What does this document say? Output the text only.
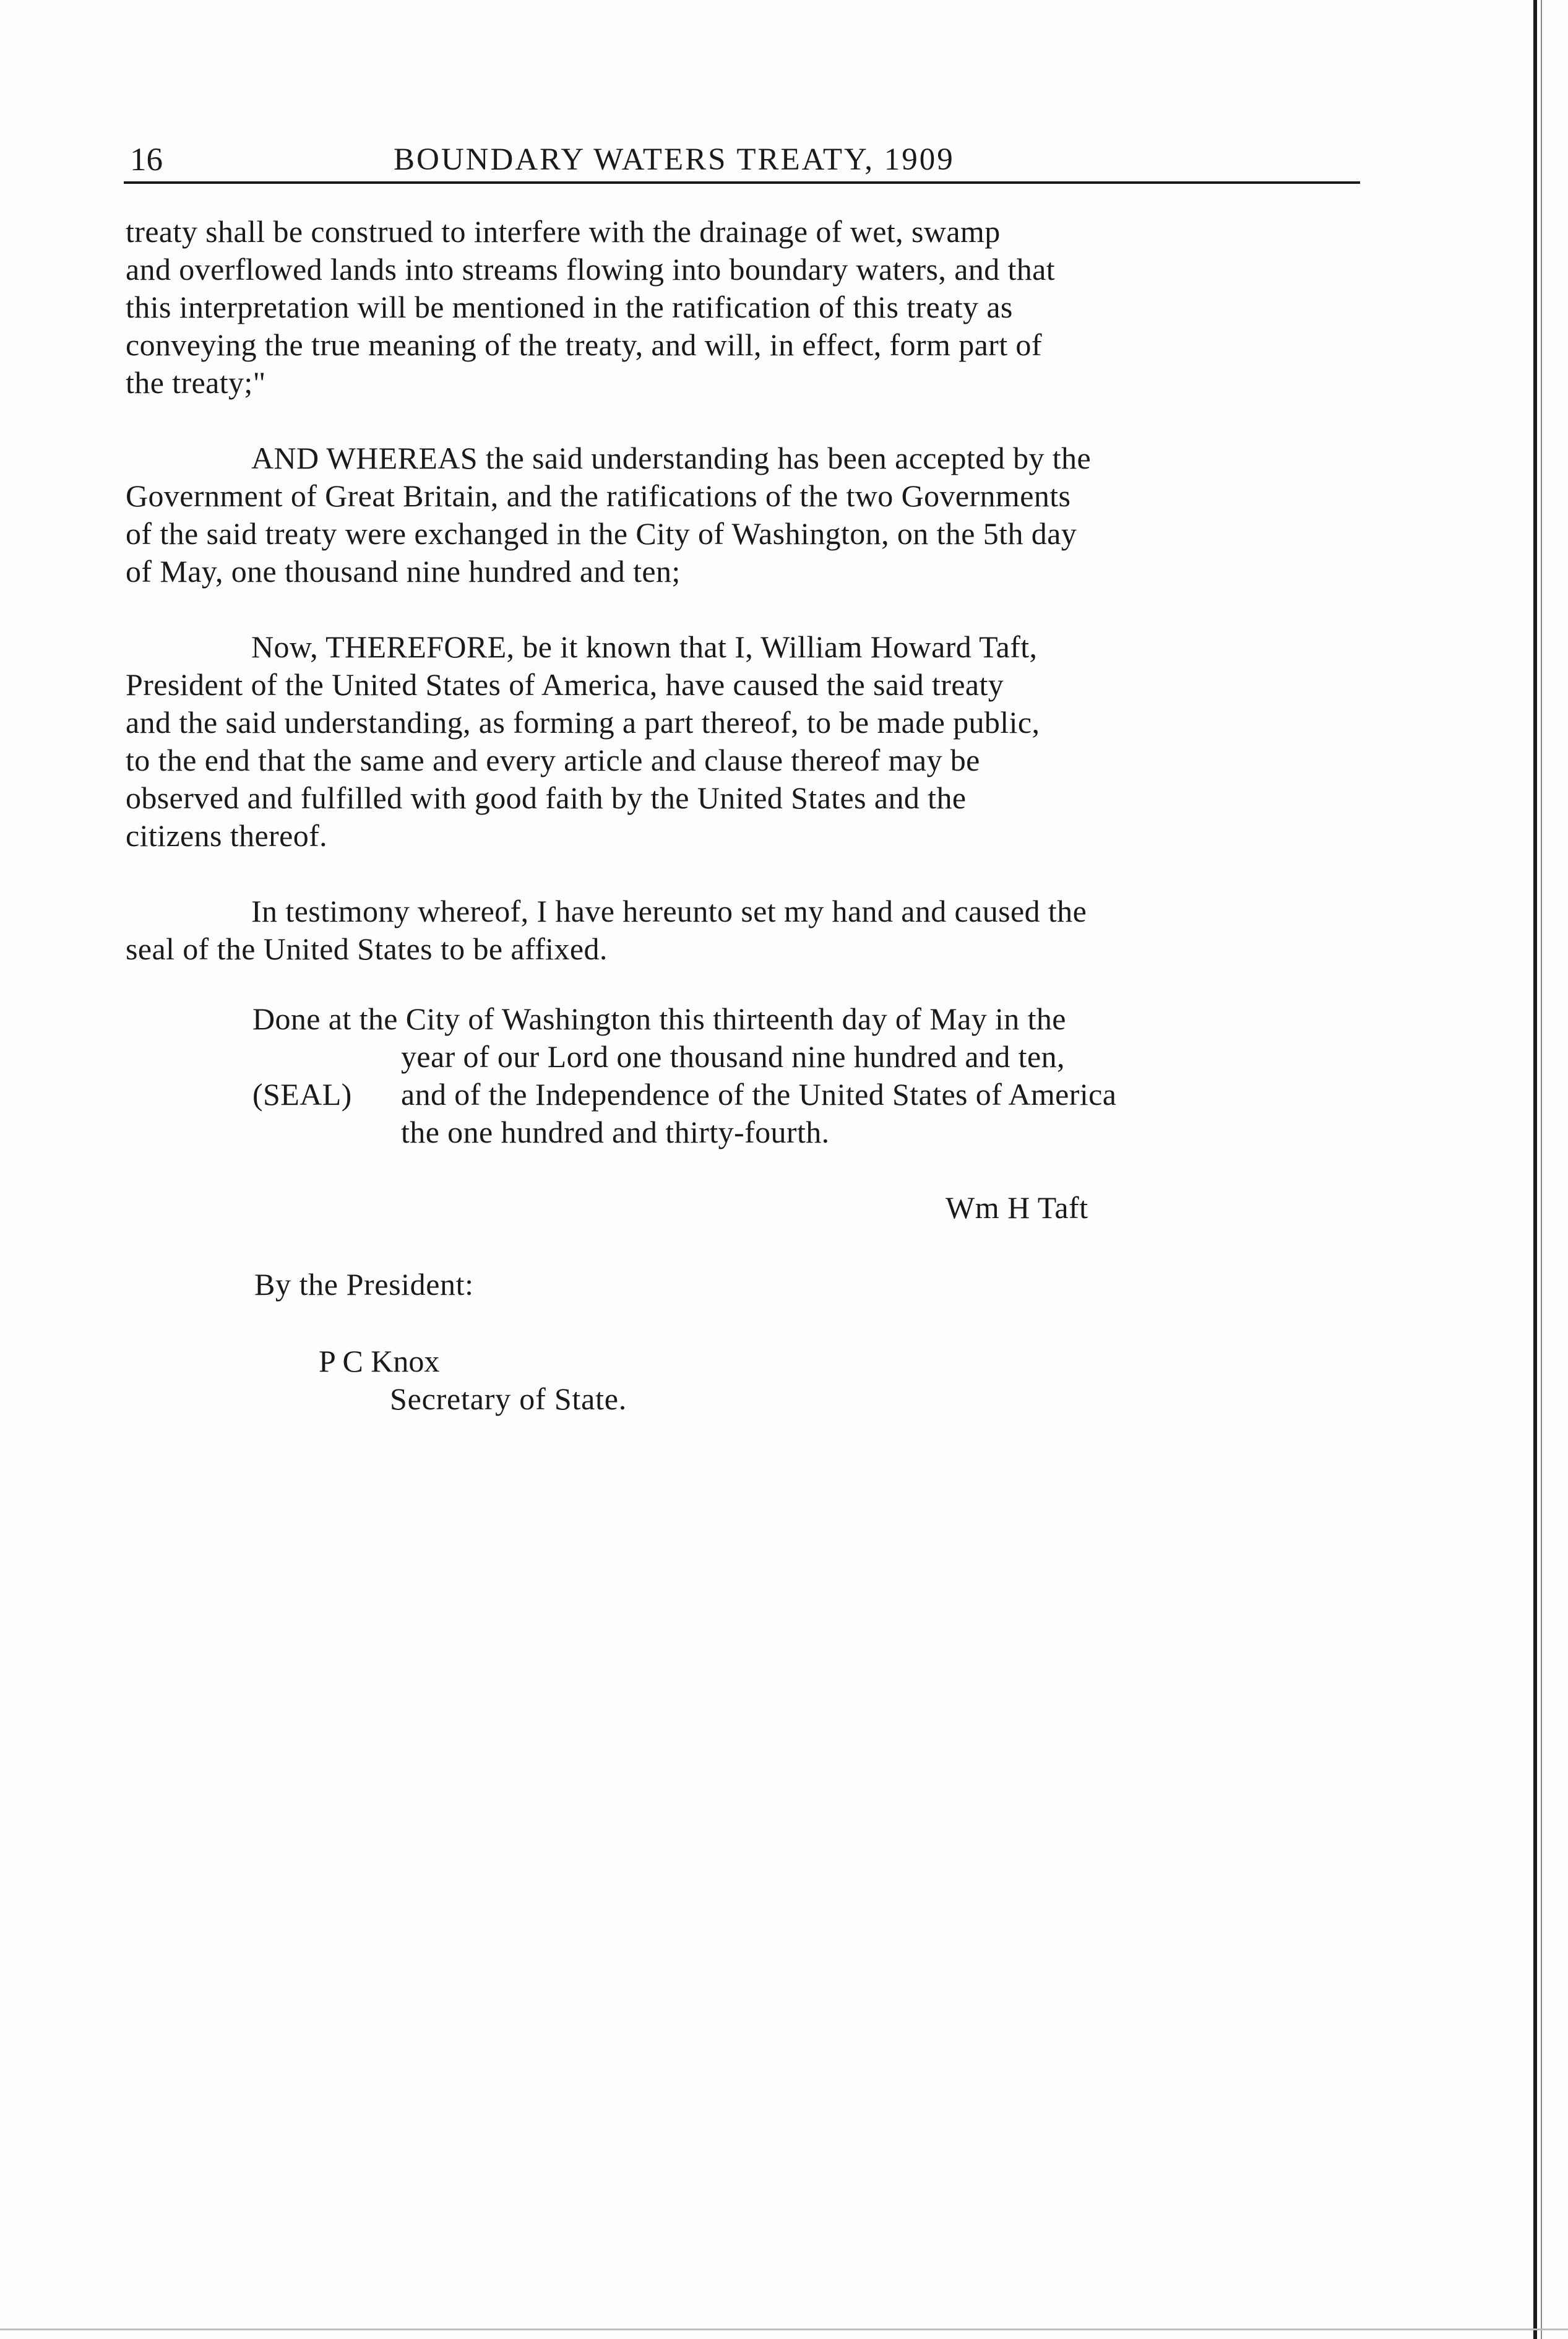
16	BOUNDARY WATERS TREATY, 1909

treaty shall be construed to interfere with the drainage of wet, swamp
and overflowed lands into streams flowing into boundary waters, and that
this interpretation will be mentioned in the ratification of this treaty as
conveying the true meaning of the treaty, and will, in effect, form part of
the treaty;"

AND WHEREAS the said understanding has been accepted by the
Government of Great Britain, and the ratifications of the two Governments
of the said treaty were exchanged in the City of Washington, on the 5th day
of May, one thousand nine hundred and ten;

Now, THEREFORE, be it known that I, William Howard Taft,
President of the United States of America, have caused the said treaty
and the said understanding, as forming a part thereof, to be made public,
to the end that the same and every article and clause thereof may be
observed and fulfilled with good faith by the United States and the
citizens thereof.

In testimony whereof, I have hereunto set my hand and caused the
seal of the United States to be affixed.

Done at the City of Washington this thirteenth day of May in the
(SEAL)
year of our Lord one thousand nine hundred and ten,
and of the Independence of the United States of America
the one hundred and thirty-fourth.
Wm H Taft
By the President:
P C Knox
Secretary of State.
